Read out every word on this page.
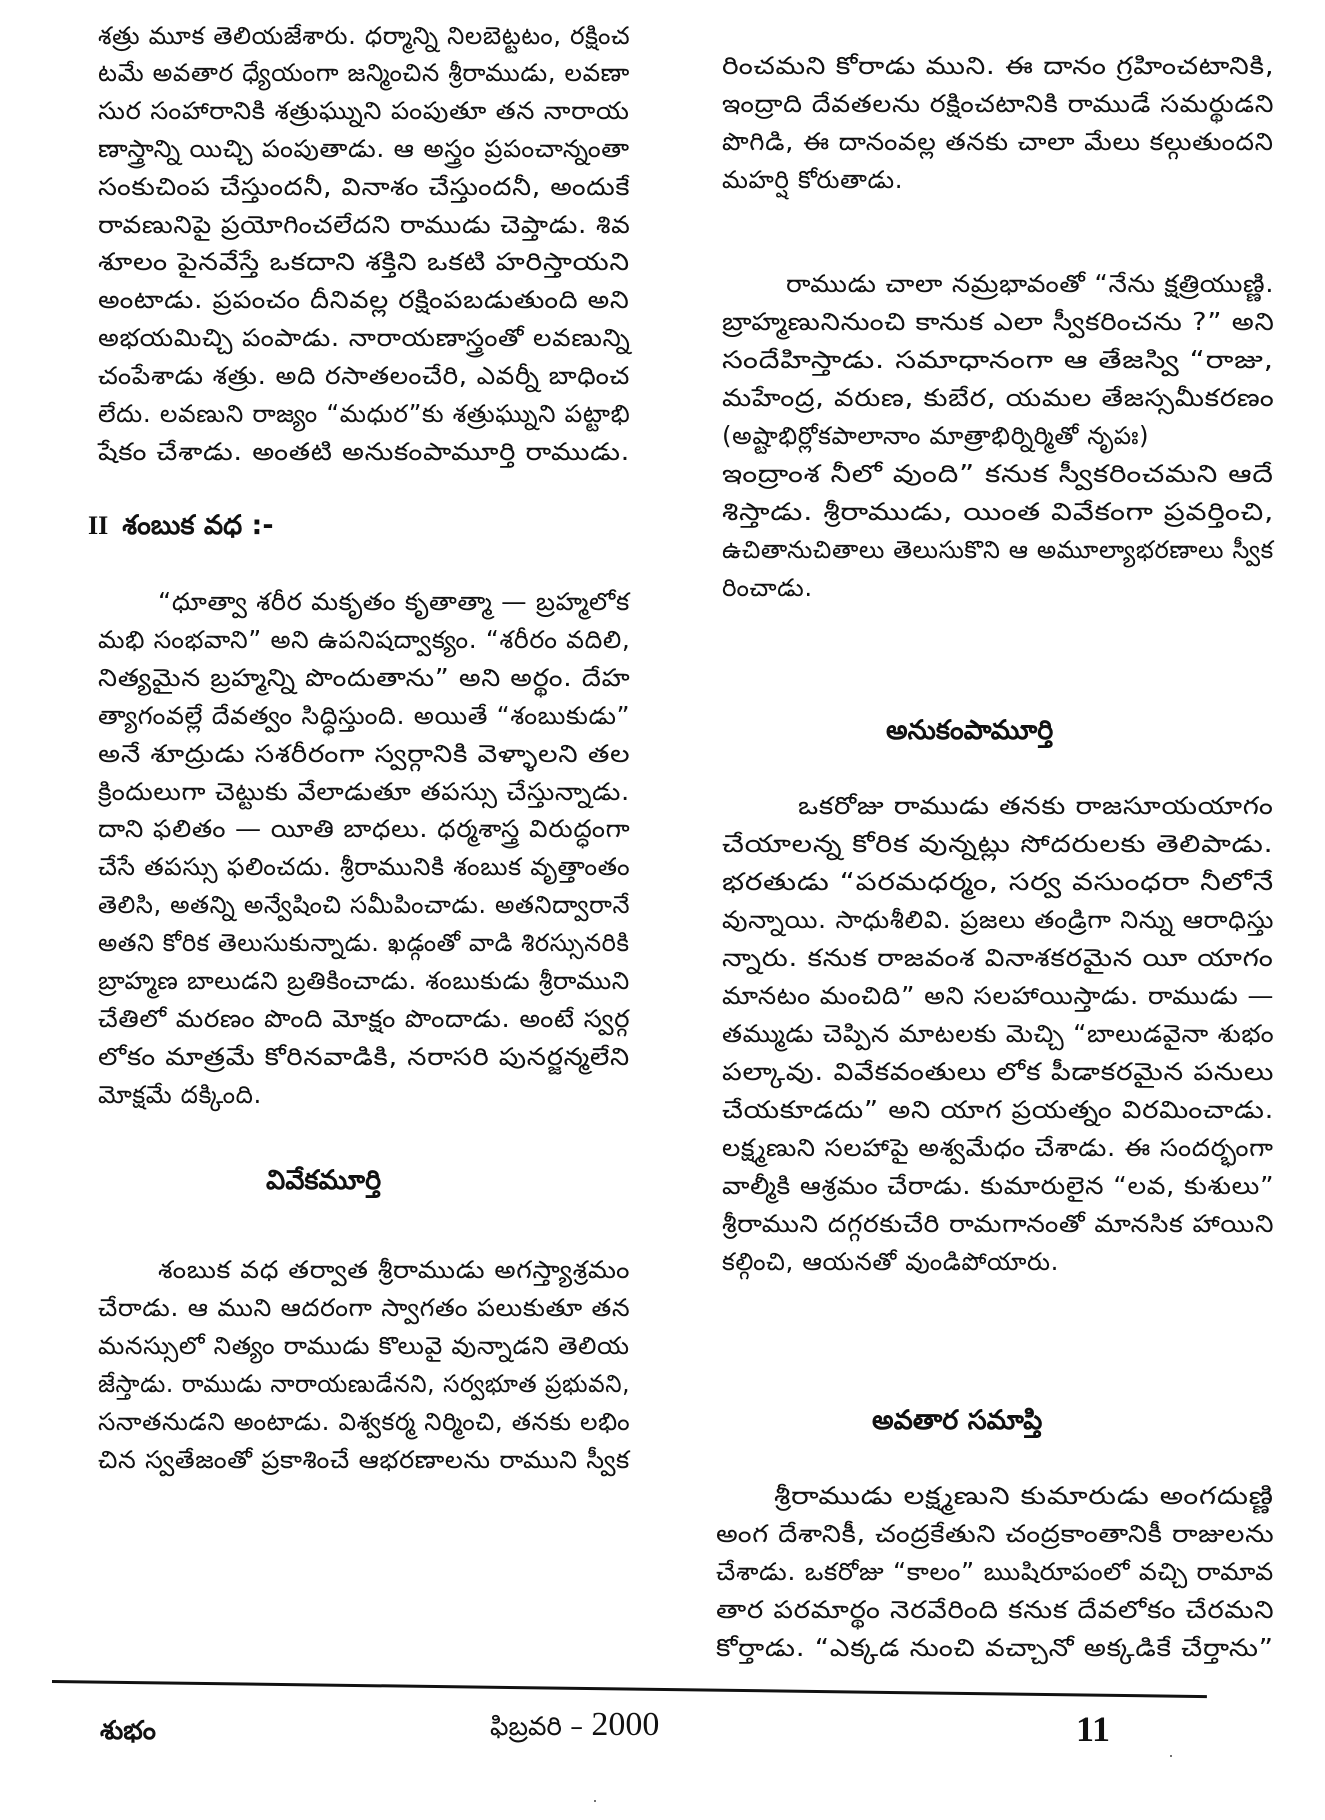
శత్రు మూక తెలియజేశారు. ధర్మాన్ని నిలబెట్టటం, రక్షించ
టమే అవతార ధ్యేయంగా జన్మించిన శ్రీరాముడు, లవణా
సుర సంహారానికి శత్రుఘ్నుని పంపుతూ తన నారాయ
ణాస్త్రాన్ని యిచ్చి పంపుతాడు. ఆ అస్త్రం ప్రపంచాన్నంతా
సంకుచింప చేస్తుందనీ, వినాశం చేస్తుందనీ, అందుకే
రావణునిపై ప్రయోగించలేదని రాముడు చెప్తాడు. శివ
శూలం పైనవేస్తే ఒకదాని శక్తిని ఒకటి హరిస్తాయని
అంటాడు. ప్రపంచం దీనివల్ల రక్షింపబడుతుంది అని
అభయమిచ్చి పంపాడు. నారాయణాస్త్రంతో లవణున్ని
చంపేశాడు శత్రు. అది రసాతలంచేరి, ఎవర్నీ బాధించ
లేదు. లవణుని రాజ్యం “మధుర”కు శత్రుఘ్నుని పట్టాభి
షేకం చేశాడు. అంతటి అనుకంపామూర్తి రాముడు.
II శంబుక వధ :-
“ధూత్వా శరీర మకృతం కృతాత్మా — బ్రహ్మలోక
మభి సంభవాని” అని ఉపనిషద్వాక్యం. “శరీరం వదిలి,
నిత్యమైన బ్రహ్మన్ని పొందుతాను” అని అర్థం. దేహ
త్యాగంవల్లే దేవత్వం సిద్ధిస్తుంది. అయితే “శంబుకుడు”
అనే శూద్రుడు సశరీరంగా స్వర్గానికి వెళ్ళాలని తల
క్రిందులుగా చెట్టుకు వేలాడుతూ తపస్సు చేస్తున్నాడు.
దాని ఫలితం — యీతి బాధలు. ధర్మశాస్త్ర విరుద్ధంగా
చేసే తపస్సు ఫలించదు. శ్రీరామునికి శంబుక వృత్తాంతం
తెలిసి, అతన్ని అన్వేషించి సమీపించాడు. అతనిద్వారానే
అతని కోరిక తెలుసుకున్నాడు. ఖడ్గంతో వాడి శిరస్సునరికి
బ్రాహ్మణ బాలుడని బ్రతికించాడు. శంబుకుడు శ్రీరాముని
చేతిలో మరణం పొంది మోక్షం పొందాడు. అంటే స్వర్గ
లోకం మాత్రమే కోరినవాడికి, నరాసరి పునర్జన్మలేని
మోక్షమే దక్కింది.
వివేకమూర్తి
శంబుక వధ తర్వాత శ్రీరాముడు అగస్త్యాశ్రమం
చేరాడు. ఆ ముని ఆదరంగా స్వాగతం పలుకుతూ తన
మనస్సులో నిత్యం రాముడు కొలువై వున్నాడని తెలియ
జేస్తాడు. రాముడు నారాయణుడేనని, సర్వభూత ప్రభువని,
సనాతనుడని అంటాడు. విశ్వకర్మ నిర్మించి, తనకు లభిం
చిన స్వతేజంతో ప్రకాశించే ఆభరణాలను రాముని స్వీక
రించమని కోరాడు ముని. ఈ దానం గ్రహించటానికి,
ఇంద్రాది దేవతలను రక్షించటానికి రాముడే సమర్థుడని
పొగిడి, ఈ దానంవల్ల తనకు చాలా మేలు కల్గుతుందని
మహర్షి కోరుతాడు.
రాముడు చాలా నమ్రభావంతో “నేను క్షత్రియుణ్ణి.
బ్రాహ్మణునినుంచి కానుక ఎలా స్వీకరించను ?” అని
సందేహిస్తాడు. సమాధానంగా ఆ తేజస్వి “రాజు,
మహేంద్ర, వరుణ, కుబేర, యమల తేజస్సమీకరణం
(అష్టాభిర్లోకపాలానాం మాత్రాభిర్నిర్మితో నృపః)
ఇంద్రాంశ నీలో వుంది” కనుక స్వీకరించమని ఆదే
శిస్తాడు. శ్రీరాముడు, యింత వివేకంగా ప్రవర్తించి,
ఉచితానుచితాలు తెలుసుకొని ఆ అమూల్యాభరణాలు స్వీక
రించాడు.
అనుకంపామూర్తి
ఒకరోజు రాముడు తనకు రాజసూయయాగం
చేయాలన్న కోరిక వున్నట్లు సోదరులకు తెలిపాడు.
భరతుడు “పరమధర్మం, సర్వ వసుంధరా నీలోనే
వున్నాయి. సాధుశీలివి. ప్రజలు తండ్రిగా నిన్ను ఆరాధిస్తు
న్నారు. కనుక రాజవంశ వినాశకరమైన యీ యాగం
మానటం మంచిది” అని సలహాయిస్తాడు. రాముడు —
తమ్ముడు చెప్పిన మాటలకు మెచ్చి “బాలుడవైనా శుభం
పల్కావు. వివేకవంతులు లోక పీడాకరమైన పనులు
చేయకూడదు” అని యాగ ప్రయత్నం విరమించాడు.
లక్ష్మణుని సలహాపై అశ్వమేధం చేశాడు. ఈ సందర్భంగా
వాల్మీకి ఆశ్రమం చేరాడు. కుమారులైన “లవ, కుశులు”
శ్రీరాముని దగ్గరకుచేరి రామగానంతో మానసిక హాయిని
కల్గించి, ఆయనతో వుండిపోయారు.
అవతార సమాప్తి
శ్రీరాముడు లక్ష్మణుని కుమారుడు అంగదుణ్ణి
అంగ దేశానికీ, చంద్రకేతుని చంద్రకాంతానికీ రాజులను
చేశాడు. ఒకరోజు “కాలం” ఋషిరూపంలో వచ్చి రామావ
తార పరమార్థం నెరవేరింది కనుక దేవలోకం చేరమని
కోర్తాడు. “ఎక్కడ నుంచి వచ్చానో అక్కడికే చేర్తాను”
శుభం	ఫిబ్రవరి – 2000	11
